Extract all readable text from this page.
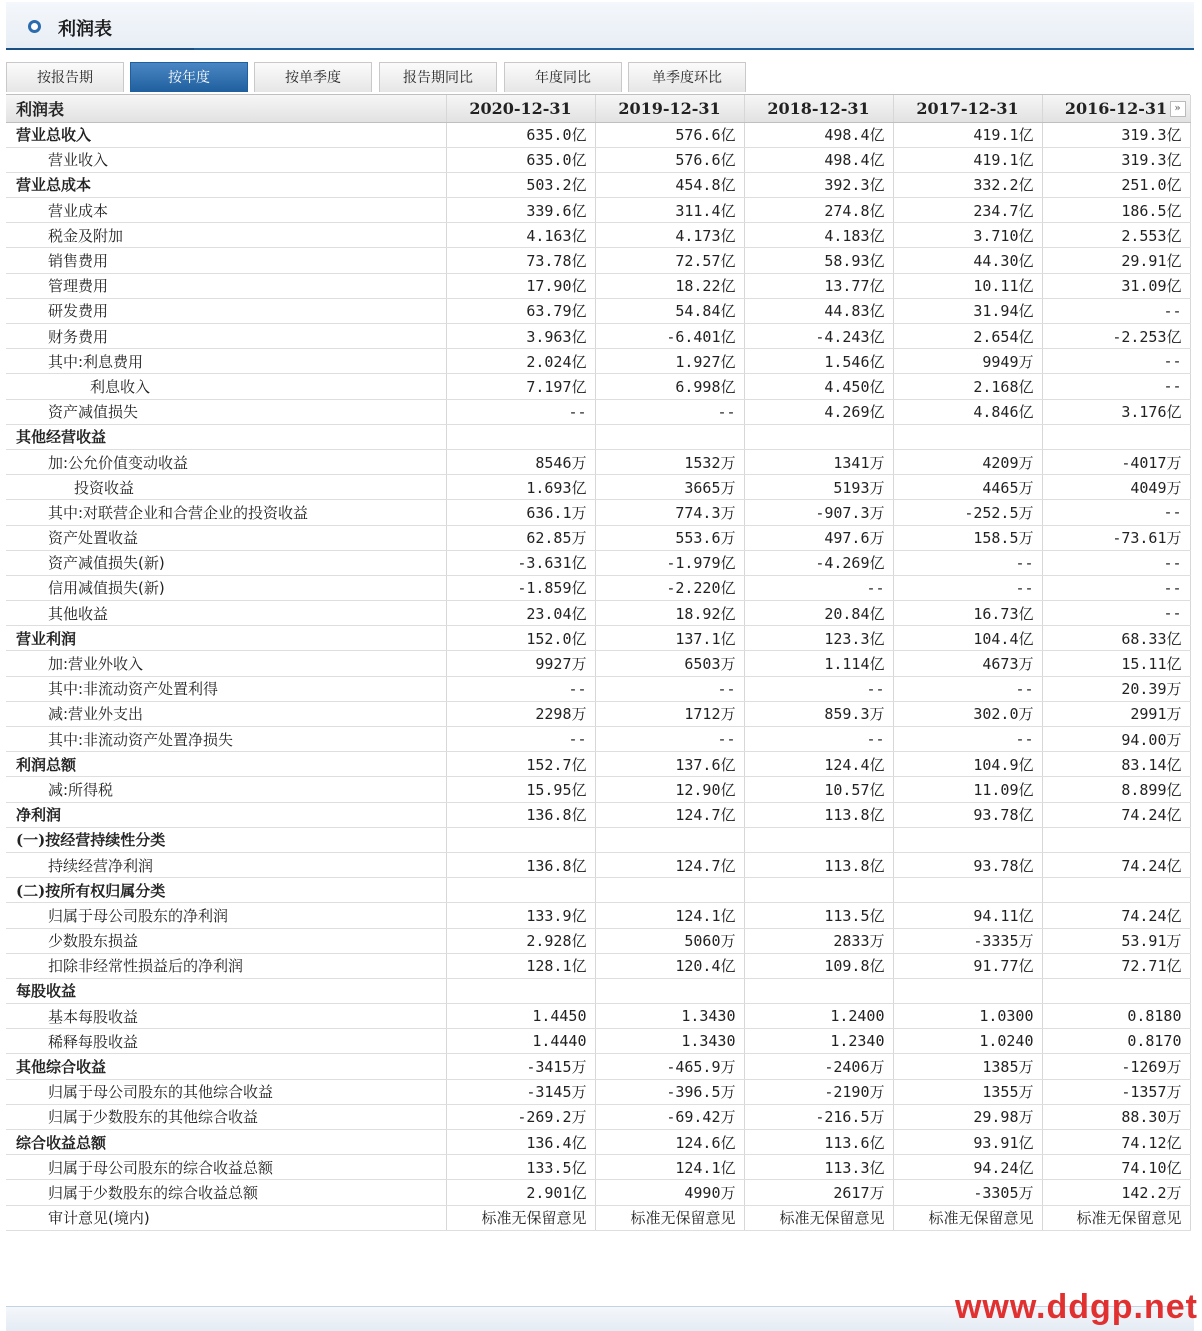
利润表
按报告期	按年度	按单季度	报告期同比	年度同比	单季度环比
利润表	2020-12-31	2019-12-31	2018-12-31	2017-12-31	2016-12-31 »

营业总收入	635.0亿	576.6亿	498.4亿	419.1亿	319.3亿
营业收入	635.0亿	576.6亿	498.4亿	419.1亿	319.3亿
营业总成本	503.2亿	454.8亿	392.3亿	332.2亿	251.0亿
营业成本	339.6亿	311.4亿	274.8亿	234.7亿	186.5亿
税金及附加	4.163亿	4.173亿	4.183亿	3.710亿	2.553亿
销售费用	73.78亿	72.57亿	58.93亿	44.30亿	29.91亿
管理费用	17.90亿	18.22亿	13.77亿	10.11亿	31.09亿
研发费用	63.79亿	54.84亿	44.83亿	31.94亿	--
财务费用	3.963亿	-6.401亿	-4.243亿	2.654亿	-2.253亿
其中:利息费用	2.024亿	1.927亿	1.546亿	9949万	--
利息收入	7.197亿	6.998亿	4.450亿	2.168亿	--
资产减值损失	--	--	4.269亿	4.846亿	3.176亿
其他经营收益					
加:公允价值变动收益	8546万	1532万	1341万	4209万	-4017万
投资收益	1.693亿	3665万	5193万	4465万	4049万
其中:对联营企业和合营企业的投资收益	636.1万	774.3万	-907.3万	-252.5万	--
资产处置收益	62.85万	553.6万	497.6万	158.5万	-73.61万
资产减值损失(新)	-3.631亿	-1.979亿	-4.269亿	--	--
信用减值损失(新)	-1.859亿	-2.220亿	--	--	--
其他收益	23.04亿	18.92亿	20.84亿	16.73亿	--
营业利润	152.0亿	137.1亿	123.3亿	104.4亿	68.33亿
加:营业外收入	9927万	6503万	1.114亿	4673万	15.11亿
其中:非流动资产处置利得	--	--	--	--	20.39万
减:营业外支出	2298万	1712万	859.3万	302.0万	2991万
其中:非流动资产处置净损失	--	--	--	--	94.00万
利润总额	152.7亿	137.6亿	124.4亿	104.9亿	83.14亿
减:所得税	15.95亿	12.90亿	10.57亿	11.09亿	8.899亿
净利润	136.8亿	124.7亿	113.8亿	93.78亿	74.24亿
(一)按经营持续性分类					
持续经营净利润	136.8亿	124.7亿	113.8亿	93.78亿	74.24亿
(二)按所有权归属分类					
归属于母公司股东的净利润	133.9亿	124.1亿	113.5亿	94.11亿	74.24亿
少数股东损益	2.928亿	5060万	2833万	-3335万	53.91万
扣除非经常性损益后的净利润	128.1亿	120.4亿	109.8亿	91.77亿	72.71亿
每股收益					
基本每股收益	1.4450	1.3430	1.2400	1.0300	0.8180
稀释每股收益	1.4440	1.3430	1.2340	1.0240	0.8170
其他综合收益	-3415万	-465.9万	-2406万	1385万	-1269万
归属于母公司股东的其他综合收益	-3145万	-396.5万	-2190万	1355万	-1357万
归属于少数股东的其他综合收益	-269.2万	-69.42万	-216.5万	29.98万	88.30万
综合收益总额	136.4亿	124.6亿	113.6亿	93.91亿	74.12亿
归属于母公司股东的综合收益总额	133.5亿	124.1亿	113.3亿	94.24亿	74.10亿
归属于少数股东的综合收益总额	2.901亿	4990万	2617万	-3305万	142.2万
审计意见(境内)	标准无保留意见	标准无保留意见	标准无保留意见	标准无保留意见	标准无保留意见
www.ddgp.net
